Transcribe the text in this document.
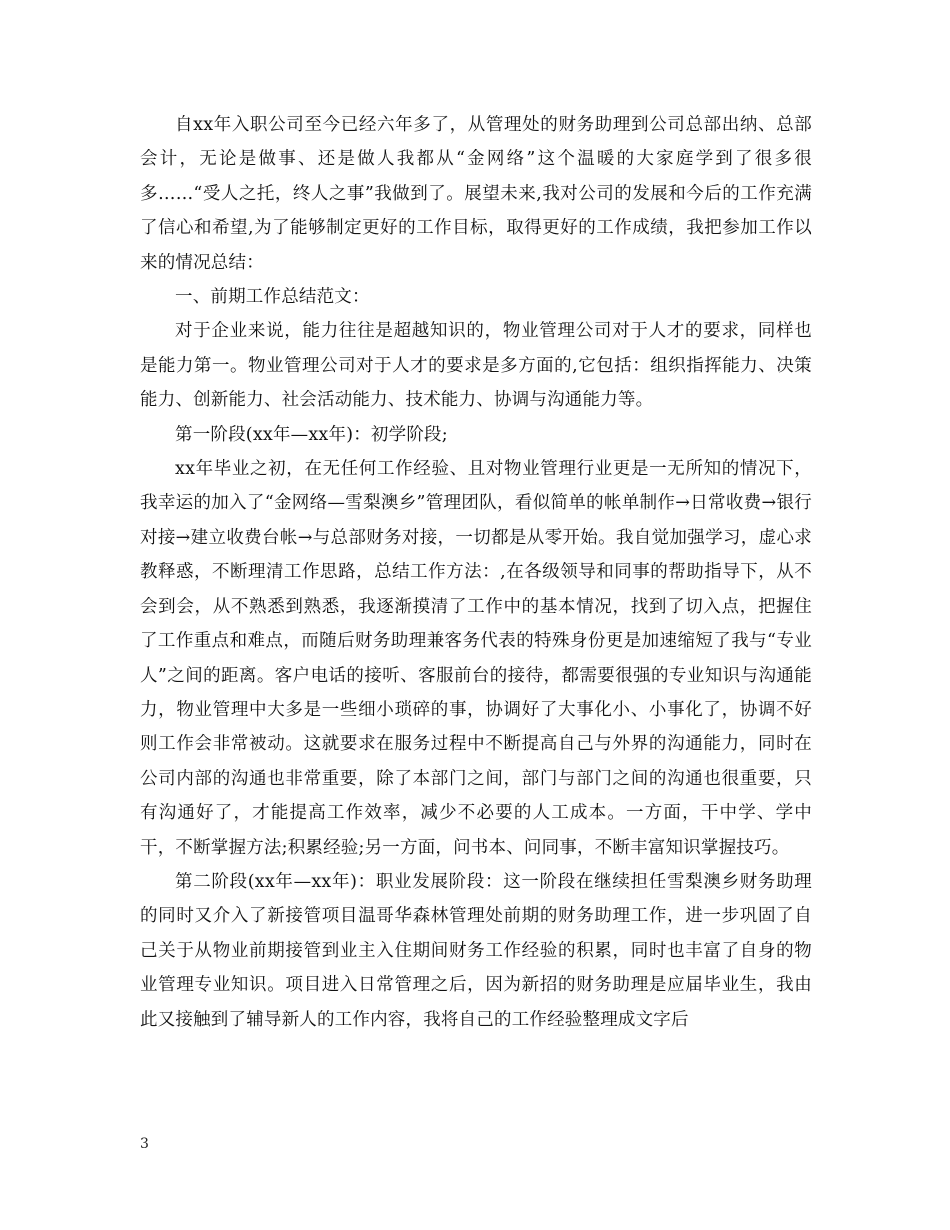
自xx年入职公司至今已经六年多了，从管理处的财务助理到公司总部出纳、总部会计，无论是做事、还是做人我都从“金网络”这个温暖的大家庭学到了很多很多……“受人之托，终人之事”我做到了。展望未来,我对公司的发展和今后的工作充满了信心和希望,为了能够制定更好的工作目标，取得更好的工作成绩，我把参加工作以来的情况总结：

一、前期工作总结范文：

对于企业来说，能力往往是超越知识的，物业管理公司对于人才的要求，同样也是能力第一。物业管理公司对于人才的要求是多方面的,它包括：组织指挥能力、决策能力、创新能力、社会活动能力、技术能力、协调与沟通能力等。

第一阶段(xx年—xx年)：初学阶段;

xx年毕业之初，在无任何工作经验、且对物业管理行业更是一无所知的情况下，我幸运的加入了“金网络—雪梨澳乡”管理团队，看似简单的帐单制作→日常收费→银行对接→建立收费台帐→与总部财务对接，一切都是从零开始。我自觉加强学习，虚心求教释惑，不断理清工作思路，总结工作方法：,在各级领导和同事的帮助指导下，从不会到会，从不熟悉到熟悉，我逐渐摸清了工作中的基本情况，找到了切入点，把握住了工作重点和难点，而随后财务助理兼客务代表的特殊身份更是加速缩短了我与“专业人”之间的距离。客户电话的接听、客服前台的接待，都需要很强的专业知识与沟通能力，物业管理中大多是一些细小琐碎的事，协调好了大事化小、小事化了，协调不好则工作会非常被动。这就要求在服务过程中不断提高自己与外界的沟通能力，同时在公司内部的沟通也非常重要，除了本部门之间，部门与部门之间的沟通也很重要，只有沟通好了，才能提高工作效率，减少不必要的人工成本。一方面，干中学、学中干，不断掌握方法;积累经验;另一方面，问书本、问同事，不断丰富知识掌握技巧。

第二阶段(xx年—xx年)：职业发展阶段：这一阶段在继续担任雪梨澳乡财务助理的同时又介入了新接管项目温哥华森林管理处前期的财务助理工作，进一步巩固了自己关于从物业前期接管到业主入住期间财务工作经验的积累，同时也丰富了自身的物业管理专业知识。项目进入日常管理之后，因为新招的财务助理是应届毕业生，我由此又接触到了辅导新人的工作内容，我将自己的工作经验整理成文字后

3
